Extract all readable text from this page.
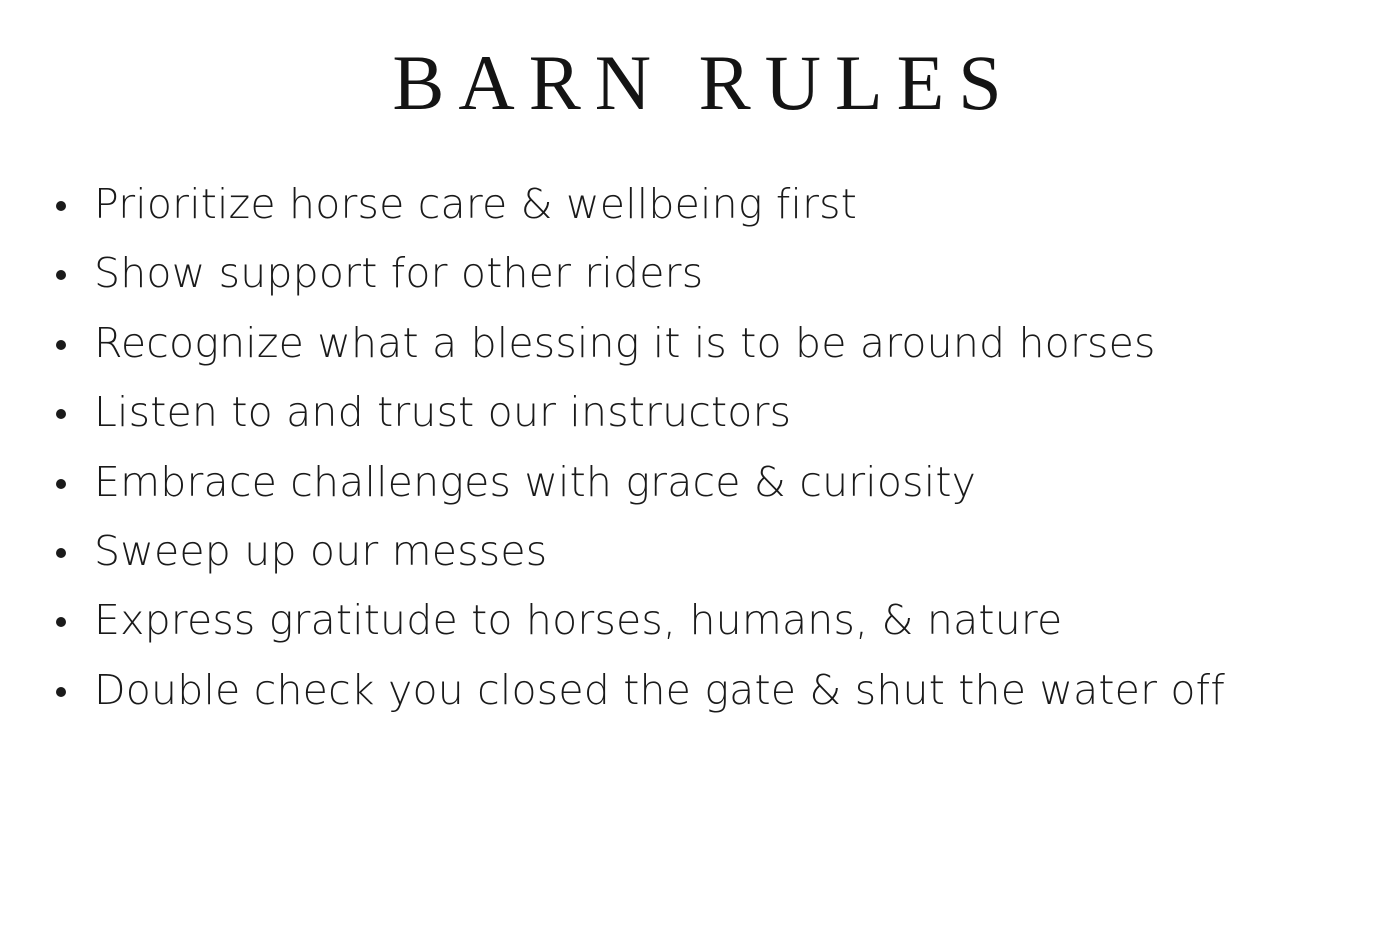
BARN RULES
Prioritize horse care & wellbeing first
Show support for other riders
Recognize what a blessing it is to be around horses
Listen to and trust our instructors
Embrace challenges with grace & curiosity
Sweep up our messes
Express gratitude to horses, humans, & nature
Double check you closed the gate & shut the water off
